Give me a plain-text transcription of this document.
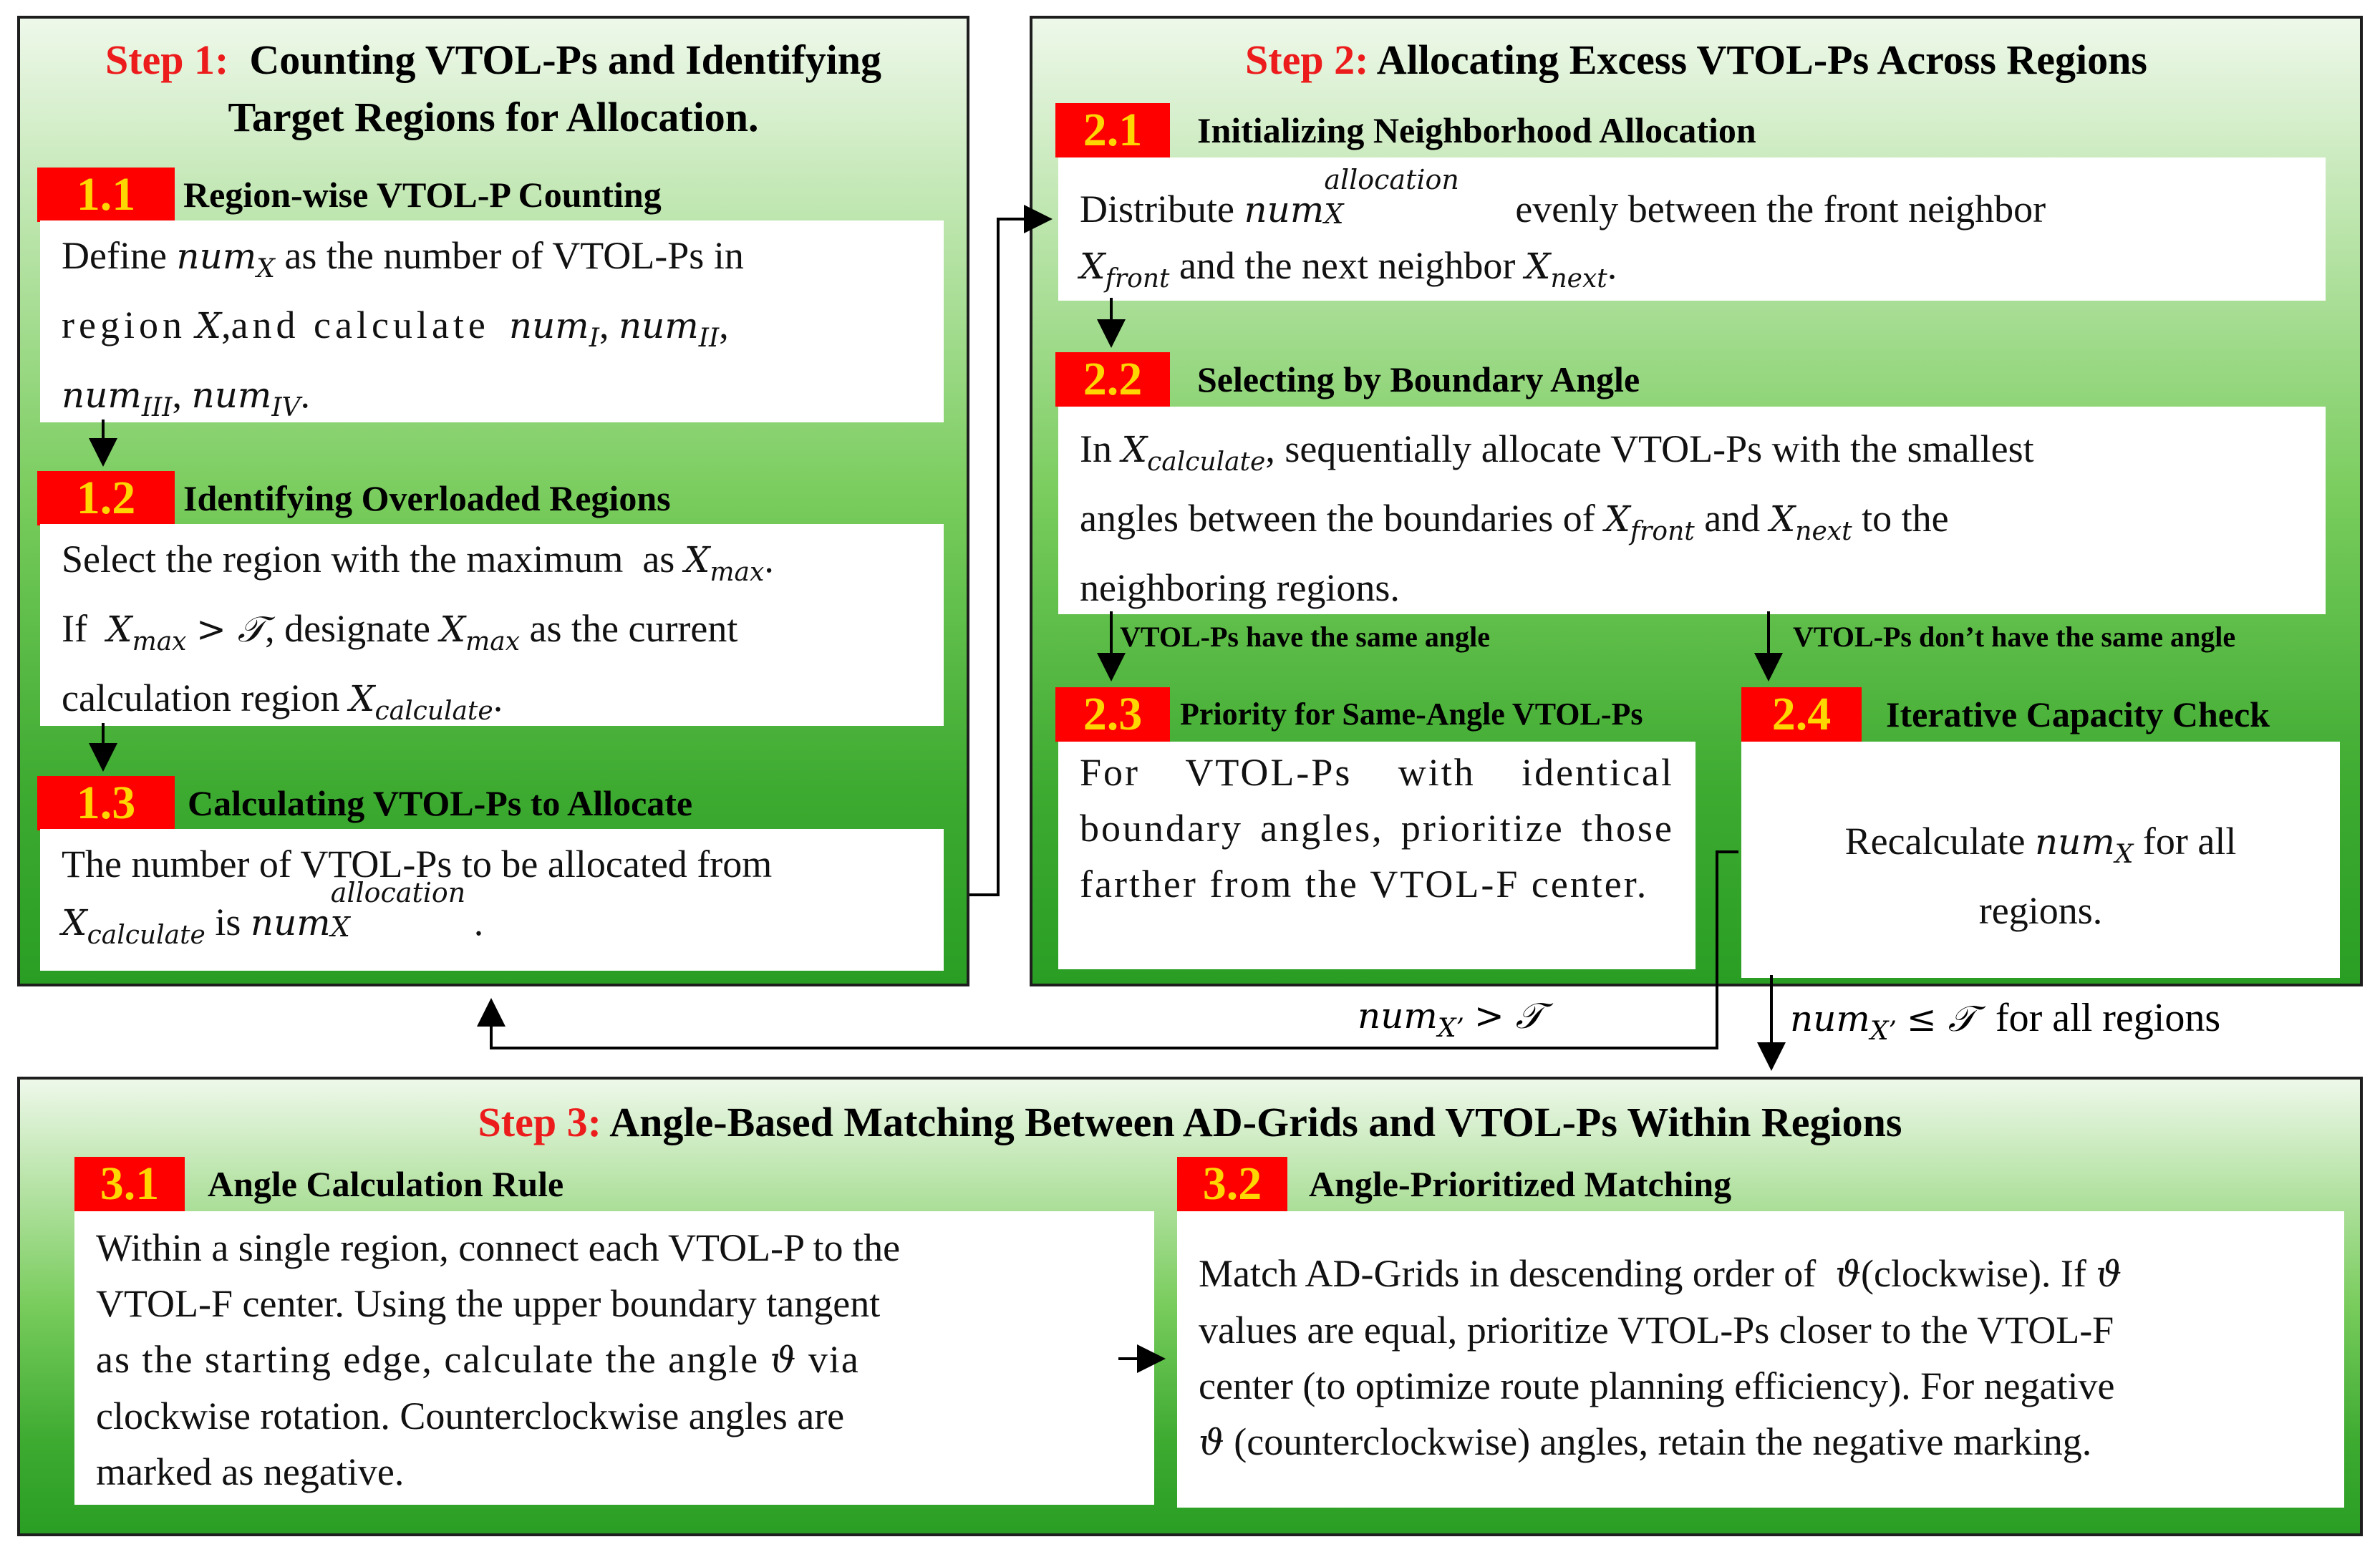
Step 1: Counting VTOL-Ps and Identifying
Target Regions for Allocation.
1.1	Region-wise VTOL-P Counting
Define num$_X$ as the number of VTOL-Ps in
region X,and calculate num$_I$, num$_{II}$,
num$_{III}$, num$_{IV}$.
1.2	Identifying Overloaded Regions
Select the region with the maximum  as $X_{max}$.
If  $X_{max}$ > 𝒯, designate $X_{max}$ as the current
calculation region $X_{calculate}$.
1.3	Calculating VTOL-Ps to Allocate
The number of VTOL-Ps to be allocated from
$X_{calculate}$ is num
allocation
X	.
Step 2: Allocating Excess VTOL-Ps Across Regions
2.1	Initializing Neighborhood Allocation
Distribute num
allocation
X	evenly between the front neighbor
$X_{front}$ and the next neighbor $X_{next}$.
2.2	Selecting by Boundary Angle
In $X_{calculate}$, sequentially allocate VTOL-Ps with the smallest
angles between the boundaries of $X_{front}$ and $X_{next}$ to the
neighboring regions.
VTOL-Ps have the same angle	VTOL-Ps don’t have the same angle
2.3	Priority for Same-Angle VTOL-Ps
For VTOL-Ps with identical boundary angles, prioritize those farther from the VTOL-F center.
2.4	Iterative Capacity Check
Recalculate num$_X$ for all
regions.
Step 3: Angle-Based Matching Between AD-Grids and VTOL-Ps Within Regions
3.1	Angle Calculation Rule
Within a single region, connect each VTOL-P to the
VTOL-F center. Using the upper boundary tangent
as the starting edge, calculate the angle ϑ via
clockwise rotation. Counterclockwise angles are
marked as negative.
3.2	Angle-Prioritized Matching
Match AD-Grids in descending order of  ϑ(clockwise). If ϑ
values are equal, prioritize VTOL-Ps closer to the VTOL-F
center (to optimize route planning efficiency). For negative
ϑ (counterclockwise) angles, retain the negative marking.
num$_{X’}$ > 𝒯	num$_{X’}$ ≤ 𝒯 for all regions
